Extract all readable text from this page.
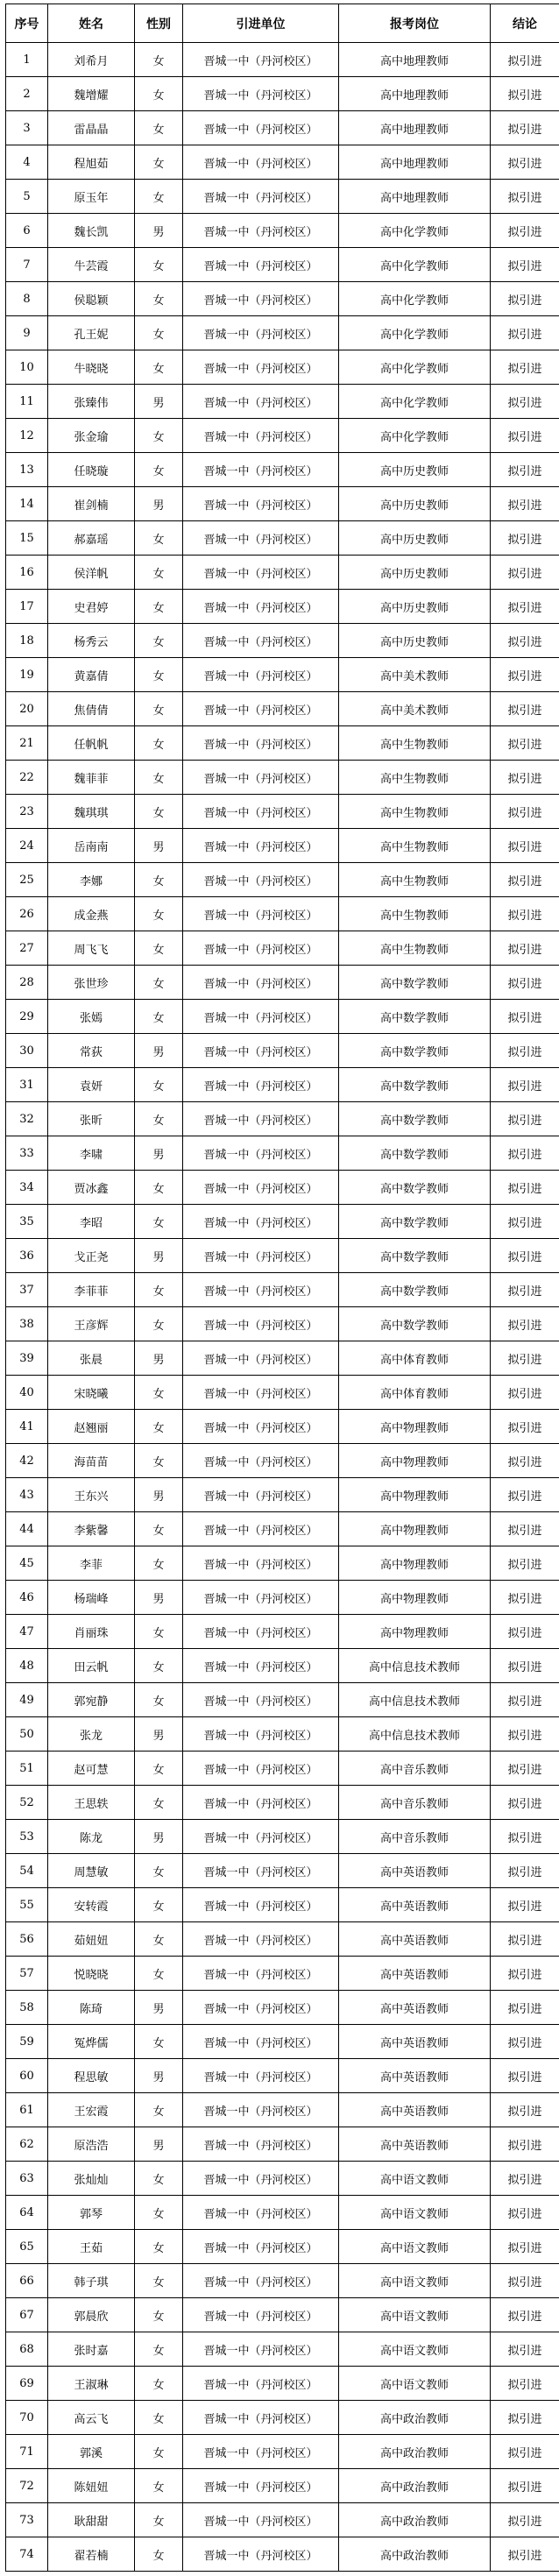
序号	姓名	性别	引进单位	报考岗位	结论
1	刘希月	女	晋城一中（丹河校区）	高中地理教师	拟引进
2	魏增耀	女	晋城一中（丹河校区）	高中地理教师	拟引进
3	雷晶晶	女	晋城一中（丹河校区）	高中地理教师	拟引进
4	程旭茹	女	晋城一中（丹河校区）	高中地理教师	拟引进
5	原玉年	女	晋城一中（丹河校区）	高中地理教师	拟引进
6	魏长凯	男	晋城一中（丹河校区）	高中化学教师	拟引进
7	牛芸霞	女	晋城一中（丹河校区）	高中化学教师	拟引进
8	侯聪颖	女	晋城一中（丹河校区）	高中化学教师	拟引进
9	孔王妮	女	晋城一中（丹河校区）	高中化学教师	拟引进
10	牛晓晓	女	晋城一中（丹河校区）	高中化学教师	拟引进
11	张臻伟	男	晋城一中（丹河校区）	高中化学教师	拟引进
12	张金瑜	女	晋城一中（丹河校区）	高中化学教师	拟引进
13	任晓璇	女	晋城一中（丹河校区）	高中历史教师	拟引进
14	崔剑楠	男	晋城一中（丹河校区）	高中历史教师	拟引进
15	郝嘉瑶	女	晋城一中（丹河校区）	高中历史教师	拟引进
16	侯洋帆	女	晋城一中（丹河校区）	高中历史教师	拟引进
17	史君婷	女	晋城一中（丹河校区）	高中历史教师	拟引进
18	杨秀云	女	晋城一中（丹河校区）	高中历史教师	拟引进
19	黄嘉倩	女	晋城一中（丹河校区）	高中美术教师	拟引进
20	焦倩倩	女	晋城一中（丹河校区）	高中美术教师	拟引进
21	任帆帆	女	晋城一中（丹河校区）	高中生物教师	拟引进
22	魏菲菲	女	晋城一中（丹河校区）	高中生物教师	拟引进
23	魏琪琪	女	晋城一中（丹河校区）	高中生物教师	拟引进
24	岳南南	男	晋城一中（丹河校区）	高中生物教师	拟引进
25	李娜	女	晋城一中（丹河校区）	高中生物教师	拟引进
26	成金燕	女	晋城一中（丹河校区）	高中生物教师	拟引进
27	周飞飞	女	晋城一中（丹河校区）	高中生物教师	拟引进
28	张世珍	女	晋城一中（丹河校区）	高中数学教师	拟引进
29	张嫣	女	晋城一中（丹河校区）	高中数学教师	拟引进
30	常荻	男	晋城一中（丹河校区）	高中数学教师	拟引进
31	袁妍	女	晋城一中（丹河校区）	高中数学教师	拟引进
32	张昕	女	晋城一中（丹河校区）	高中数学教师	拟引进
33	李啸	男	晋城一中（丹河校区）	高中数学教师	拟引进
34	贾冰鑫	女	晋城一中（丹河校区）	高中数学教师	拟引进
35	李昭	女	晋城一中（丹河校区）	高中数学教师	拟引进
36	戈正尧	男	晋城一中（丹河校区）	高中数学教师	拟引进
37	李菲菲	女	晋城一中（丹河校区）	高中数学教师	拟引进
38	王彦辉	女	晋城一中（丹河校区）	高中数学教师	拟引进
39	张晨	男	晋城一中（丹河校区）	高中体育教师	拟引进
40	宋晓曦	女	晋城一中（丹河校区）	高中体育教师	拟引进
41	赵翘丽	女	晋城一中（丹河校区）	高中物理教师	拟引进
42	海苗苗	女	晋城一中（丹河校区）	高中物理教师	拟引进
43	王东兴	男	晋城一中（丹河校区）	高中物理教师	拟引进
44	李紫馨	女	晋城一中（丹河校区）	高中物理教师	拟引进
45	李菲	女	晋城一中（丹河校区）	高中物理教师	拟引进
46	杨瑞峰	男	晋城一中（丹河校区）	高中物理教师	拟引进
47	肖丽珠	女	晋城一中（丹河校区）	高中物理教师	拟引进
48	田云帆	女	晋城一中（丹河校区）	高中信息技术教师	拟引进
49	郭宛静	女	晋城一中（丹河校区）	高中信息技术教师	拟引进
50	张龙	男	晋城一中（丹河校区）	高中信息技术教师	拟引进
51	赵可慧	女	晋城一中（丹河校区）	高中音乐教师	拟引进
52	王思轶	女	晋城一中（丹河校区）	高中音乐教师	拟引进
53	陈龙	男	晋城一中（丹河校区）	高中音乐教师	拟引进
54	周慧敏	女	晋城一中（丹河校区）	高中英语教师	拟引进
55	安转霞	女	晋城一中（丹河校区）	高中英语教师	拟引进
56	茹妞妞	女	晋城一中（丹河校区）	高中英语教师	拟引进
57	悦晓晓	女	晋城一中（丹河校区）	高中英语教师	拟引进
58	陈琦	男	晋城一中（丹河校区）	高中英语教师	拟引进
59	冤烨儒	女	晋城一中（丹河校区）	高中英语教师	拟引进
60	程思敏	男	晋城一中（丹河校区）	高中英语教师	拟引进
61	王宏霞	女	晋城一中（丹河校区）	高中英语教师	拟引进
62	原浩浩	男	晋城一中（丹河校区）	高中英语教师	拟引进
63	张灿灿	女	晋城一中（丹河校区）	高中语文教师	拟引进
64	郭琴	女	晋城一中（丹河校区）	高中语文教师	拟引进
65	王茹	女	晋城一中（丹河校区）	高中语文教师	拟引进
66	韩子琪	女	晋城一中（丹河校区）	高中语文教师	拟引进
67	郭晨欣	女	晋城一中（丹河校区）	高中语文教师	拟引进
68	张时嘉	女	晋城一中（丹河校区）	高中语文教师	拟引进
69	王淑琳	女	晋城一中（丹河校区）	高中语文教师	拟引进
70	高云飞	女	晋城一中（丹河校区）	高中政治教师	拟引进
71	郭溪	女	晋城一中（丹河校区）	高中政治教师	拟引进
72	陈妞妞	女	晋城一中（丹河校区）	高中政治教师	拟引进
73	耿甜甜	女	晋城一中（丹河校区）	高中政治教师	拟引进
74	翟若楠	女	晋城一中（丹河校区）	高中政治教师	拟引进
